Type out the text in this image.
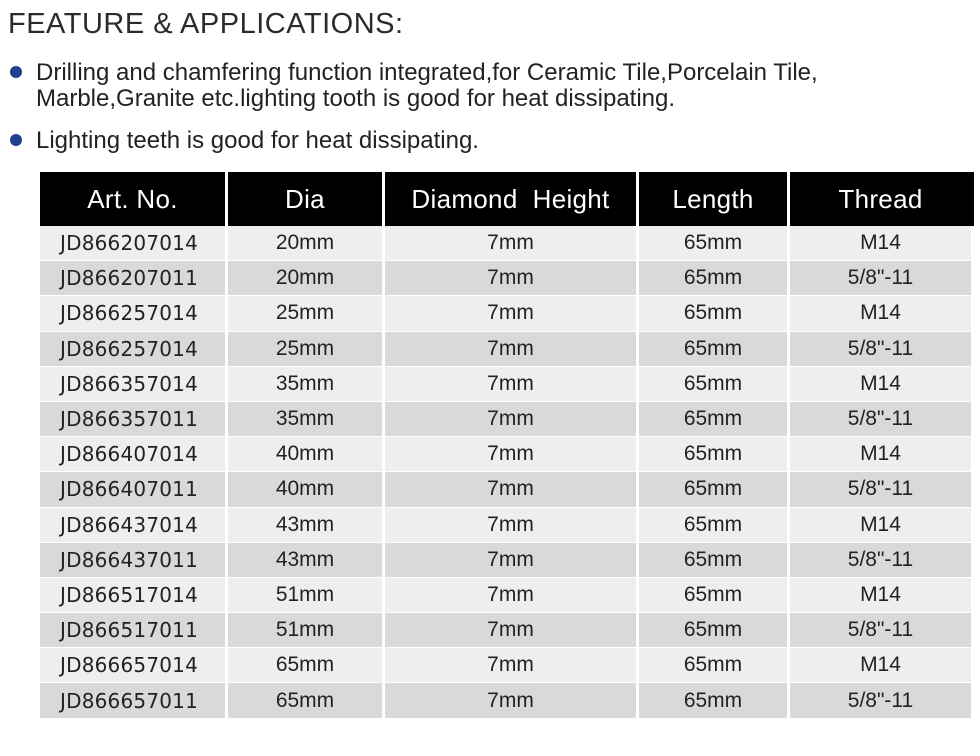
FEATURE & APPLICATIONS:
Drilling and chamfering function integrated,for Ceramic Tile,Porcelain Tile, Marble,Granite etc.lighting tooth is good for heat dissipating.
Lighting teeth is good for heat dissipating.
Art. No.	Dia	Diamond  Height	Length	Thread
JD866207014	20mm	7mm	65mm	M14
JD866207011	20mm	7mm	65mm	5/8"-11
JD866257014	25mm	7mm	65mm	M14
JD866257014	25mm	7mm	65mm	5/8"-11
JD866357014	35mm	7mm	65mm	M14
JD866357011	35mm	7mm	65mm	5/8"-11
JD866407014	40mm	7mm	65mm	M14
JD866407011	40mm	7mm	65mm	5/8"-11
JD866437014	43mm	7mm	65mm	M14
JD866437011	43mm	7mm	65mm	5/8"-11
JD866517014	51mm	7mm	65mm	M14
JD866517011	51mm	7mm	65mm	5/8"-11
JD866657014	65mm	7mm	65mm	M14
JD866657011	65mm	7mm	65mm	5/8"-11
